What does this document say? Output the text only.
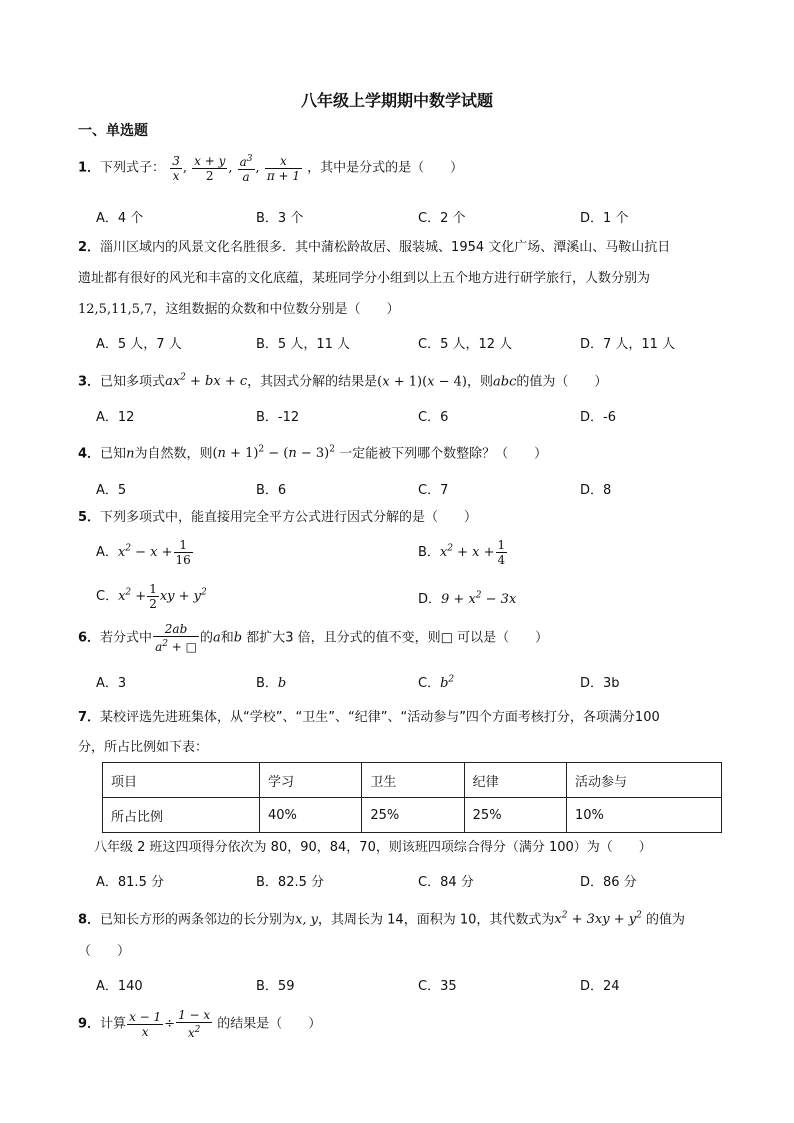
八年级上学期期中数学试题
一、单选题
1．下列式子： $\frac{3}{x}$ , $\frac{x + y}{2}$ , $\frac{a^3}{a}$ , $\frac{x}{\pi + 1}$ ，其中是分式的是（　　）
A．4 个	B．3 个	C．2 个	D．1 个
2．淄川区域内的风景文化名胜很多．其中蒲松龄故居、服装城、1954 文化广场、潭溪山、马鞍山抗日
遗址都有很好的风光和丰富的文化底蕴，某班同学分小组到以上五个地方进行研学旅行，人数分别为
12,5,11,5,7，这组数据的众数和中位数分别是（　　）
A．5 人，7 人	B．5 人，11 人	C．5 人，12 人	D．7 人，11 人
3．已知多项式$ax^2$ + bx + c，其因式分解的结果是(x + 1)(x − 4)，则abc的值为（　　）
A．12	B．-12	C．6	D．-6
4．已知n为自然数，则$(n + 1)^2 - (n - 3)^2$ 一定能被下列哪个数整除？（　　）
A．5	B．6	C．7	D．8
5．下列多项式中，能直接用完全平方公式进行因式分解的是（　　）
A．$x^2 - x + \frac{1}{16}$	B．$x^2 + x + \frac{1}{4}$
C．$x^2 + \frac{1}{2}$ xy + $y^2$	D．$9 + x^2 - 3x$
6．若分式中 $\frac{2ab}{a^2 + □}$ 的a和b 都扩大3 倍，且分式的值不变，则□ 可以是（　　）
A．3	B．b	C．$b^2$	D．3b
7．某校评选先进班集体，从“学校”、“卫生”、“纪律”、“活动参与”四个方面考核打分，各项满分100
分，所占比例如下表：
项目	学习	卫生	纪律	活动参与
所占比例	40%	25%	25%	10%
八年级 2 班这四项得分依次为 80，90，84，70，则该班四项综合得分（满分 100）为（　　）
A．81.5 分	B．82.5 分	C．84 分	D．86 分
8．已知长方形的两条邻边的长分别为x, y，其周长为 14，面积为 10，其代数式为$x^2 + 3xy + y^2$ 的值为
（　　）
A．140	B．59	C．35	D．24
9．计算 $\frac{x - 1}{x} \div \frac{1 - x}{x^2}$ 的结果是（　　）
